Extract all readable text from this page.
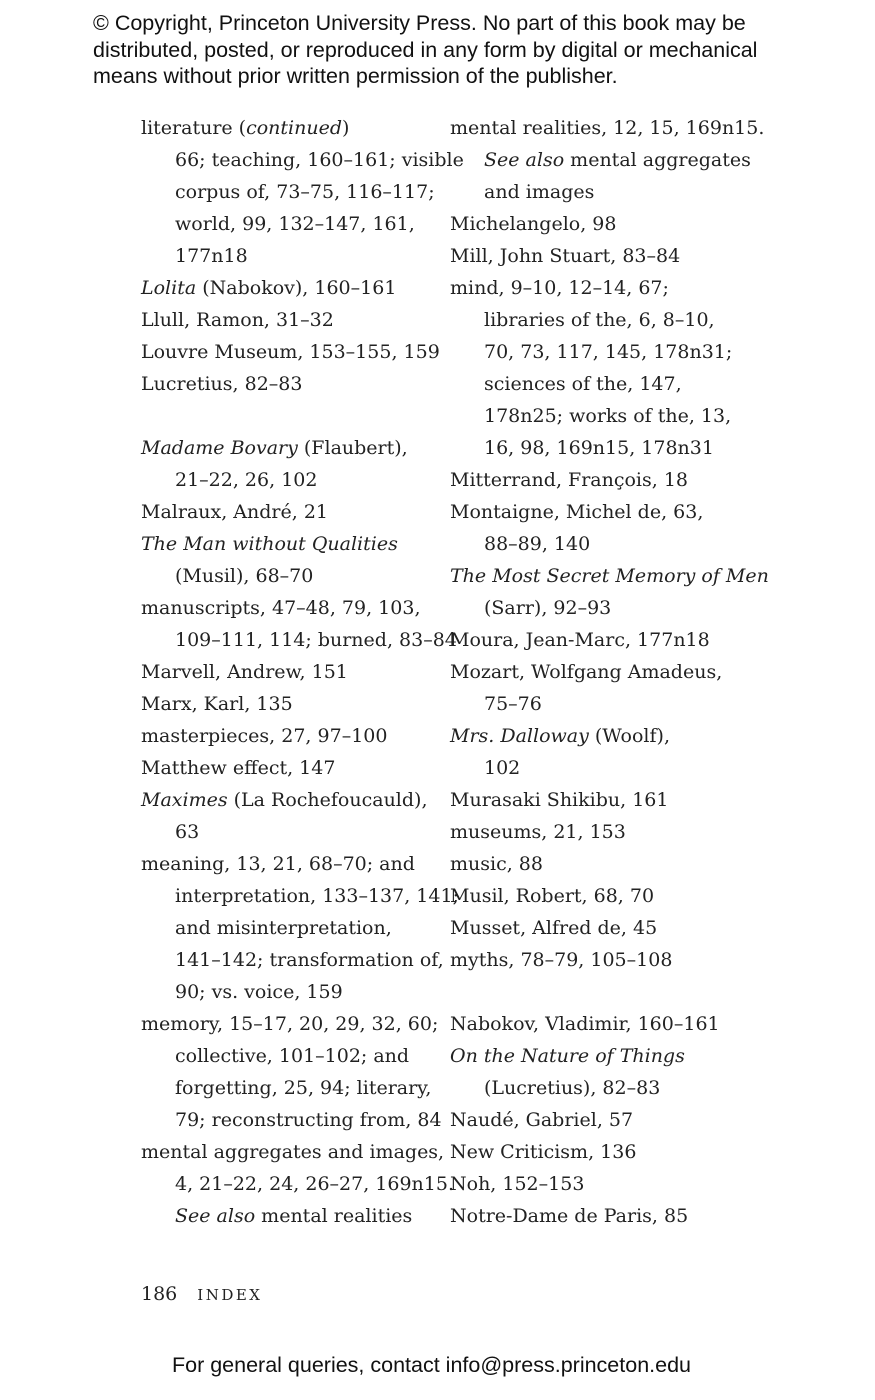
© Copyright, Princeton University Press. No part of this book may be
distributed, posted, or reproduced in any form by digital or mechanical
means without prior written permission of the publisher.
literature (continued)
66; teaching, 160–161; visible
corpus of, 73–75, 116–117;
world, 99, 132–147, 161,
177n18
Lolita (Nabokov), 160–161
Llull, Ramon, 31–32
Louvre Museum, 153–155, 159
Lucretius, 82–83
Madame Bovary (Flaubert),
21–22, 26, 102
Malraux, André, 21
The Man without Qualities
(Musil), 68–70
manuscripts, 47–48, 79, 103,
109–111, 114; burned, 83–84
Marvell, Andrew, 151
Marx, Karl, 135
masterpieces, 27, 97–100
Matthew effect, 147
Maximes (La Rochefoucauld),
63
meaning, 13, 21, 68–70; and
interpretation, 133–137, 141;
and misinterpretation,
141–142; transformation of,
90; vs. voice, 159
memory, 15–17, 20, 29, 32, 60;
collective, 101–102; and
forgetting, 25, 94; literary,
79; reconstructing from, 84
mental aggregates and images,
4, 21–22, 24, 26–27, 169n15.
See also mental realities
mental realities, 12, 15, 169n15.
See also mental aggregates
and images
Michelangelo, 98
Mill, John Stuart, 83–84
mind, 9–10, 12–14, 67;
libraries of the, 6, 8–10,
70, 73, 117, 145, 178n31;
sciences of the, 147,
178n25; works of the, 13,
16, 98, 169n15, 178n31
Mitterrand, François, 18
Montaigne, Michel de, 63,
88–89, 140
The Most Secret Memory of Men
(Sarr), 92–93
Moura, Jean-Marc, 177n18
Mozart, Wolfgang Amadeus,
75–76
Mrs. Dalloway (Woolf),
102
Murasaki Shikibu, 161
museums, 21, 153
music, 88
Musil, Robert, 68, 70
Musset, Alfred de, 45
myths, 78–79, 105–108
Nabokov, Vladimir, 160–161
On the Nature of Things
(Lucretius), 82–83
Naudé, Gabriel, 57
New Criticism, 136
Noh, 152–153
Notre-Dame de Paris, 85
186 INDEX
For general queries, contact info@press.princeton.edu
